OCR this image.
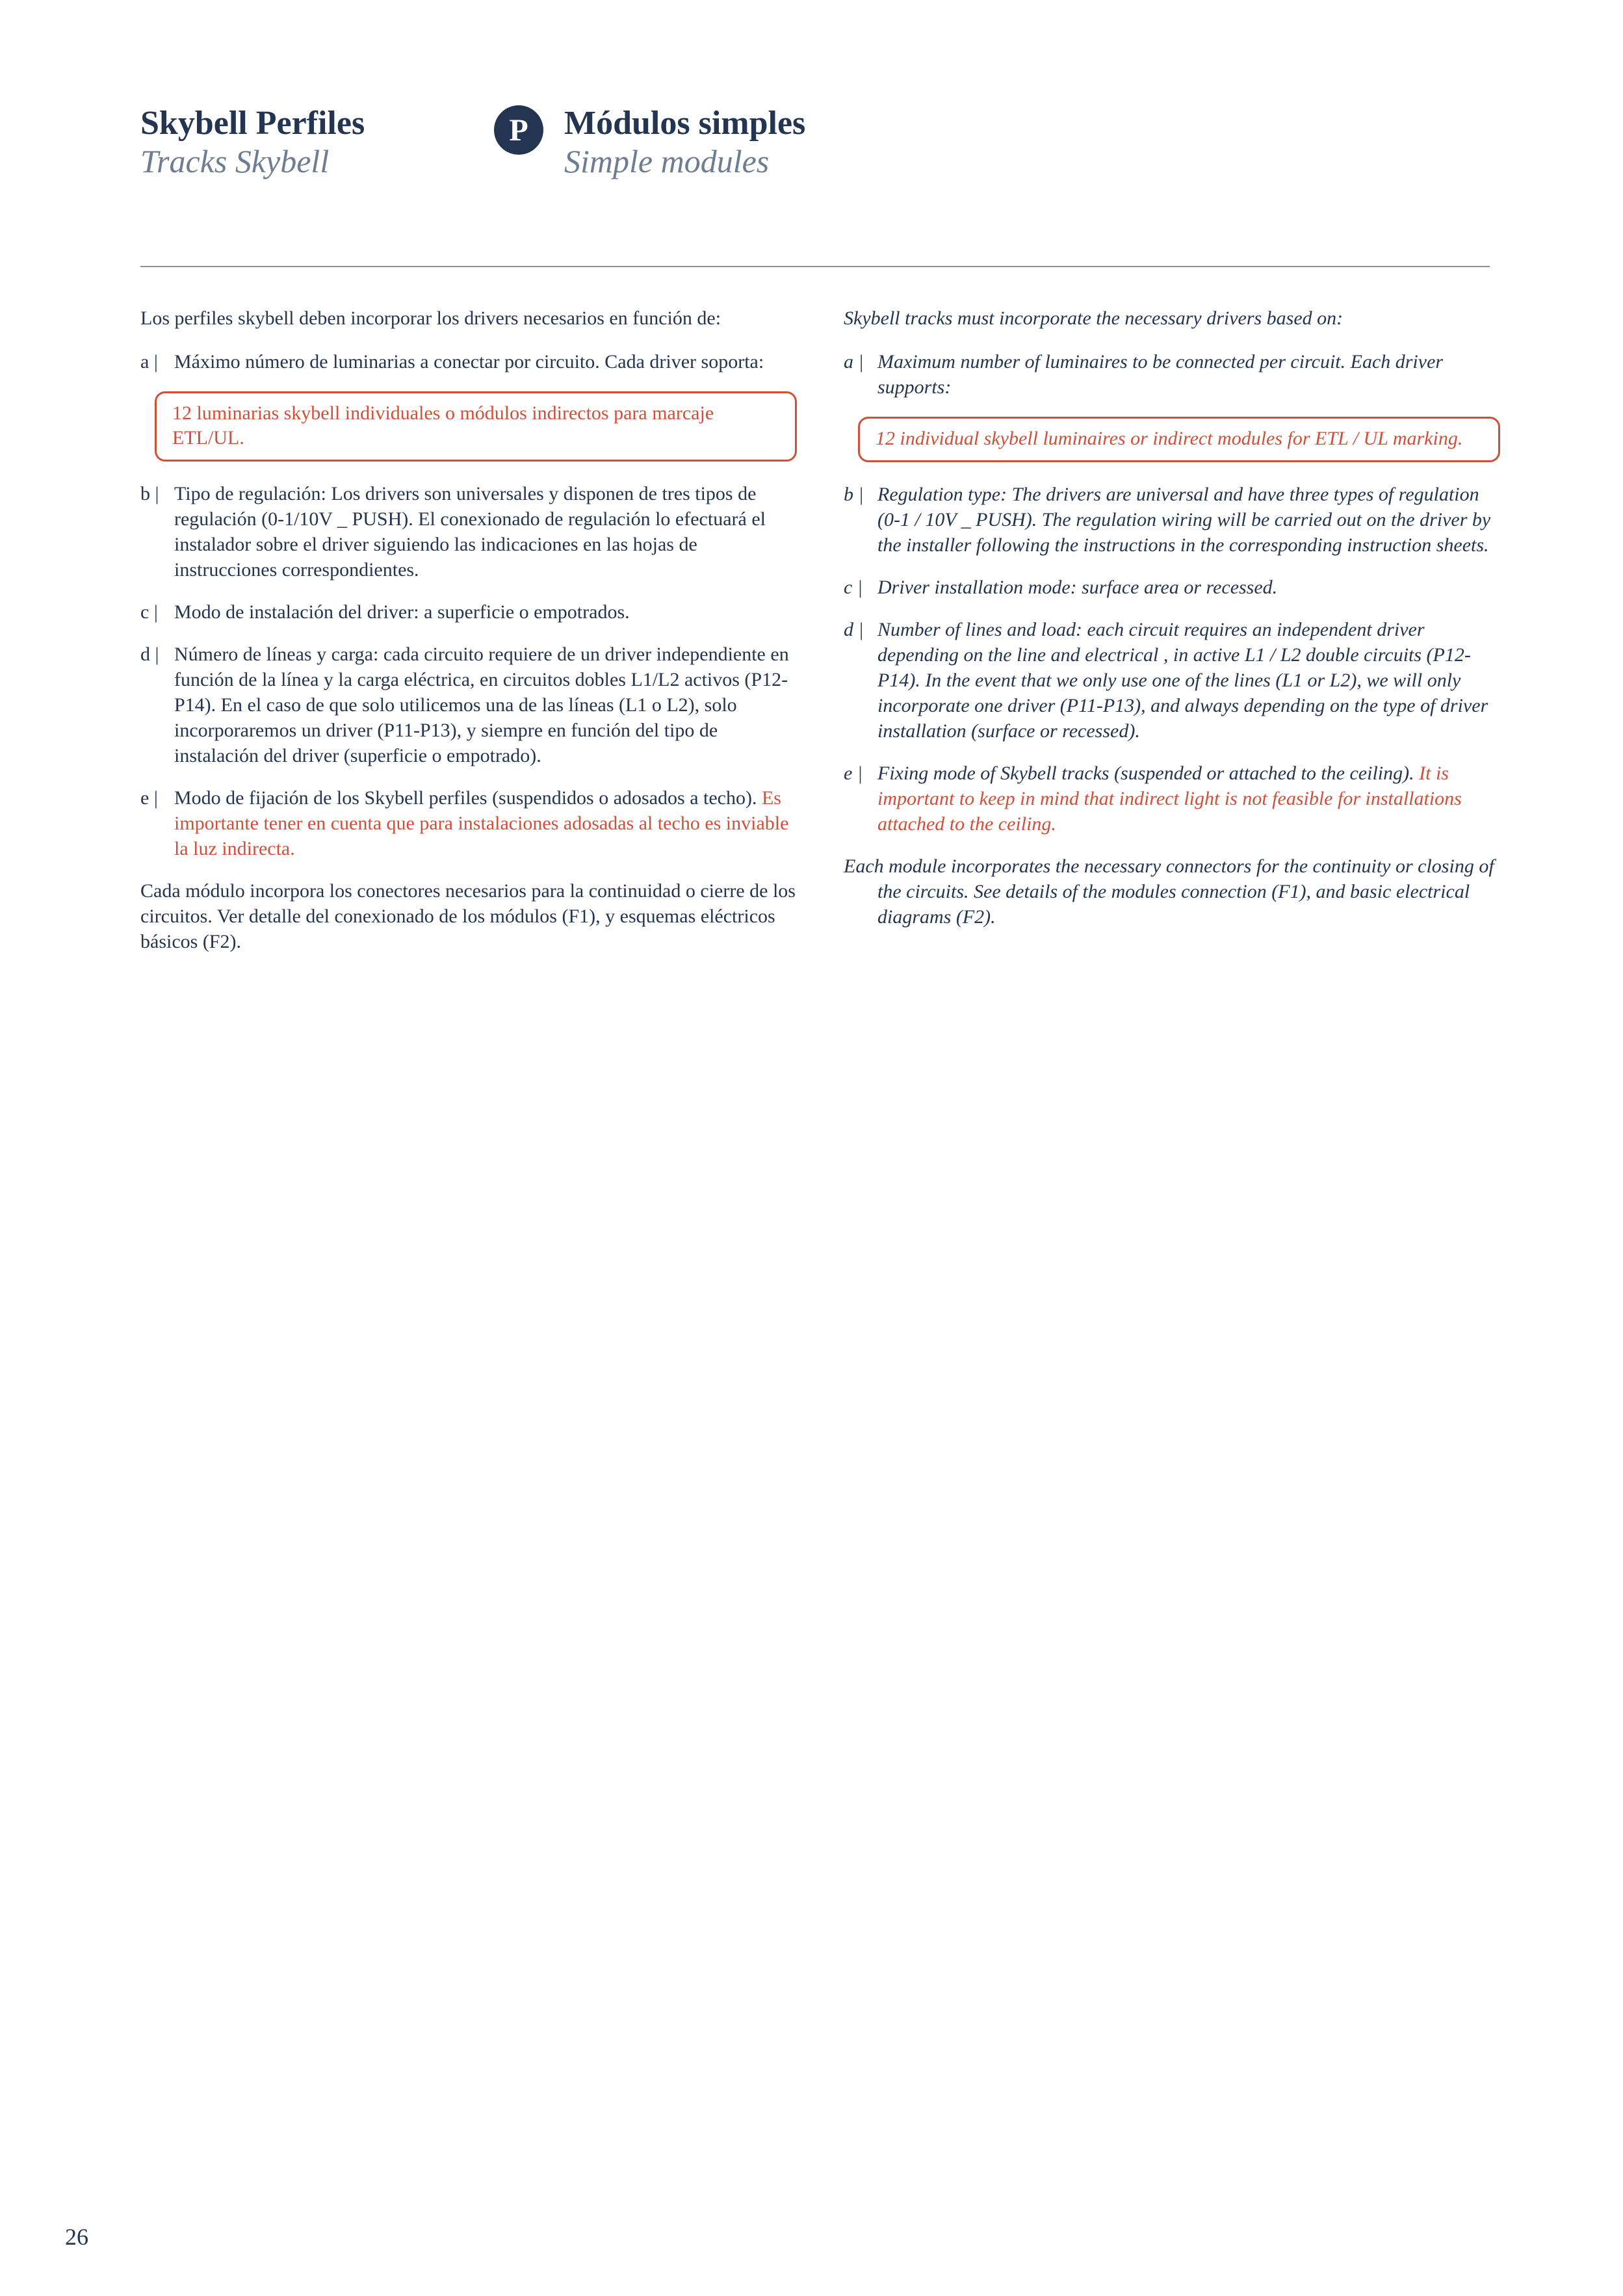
Skybell Perfiles
Tracks Skybell
P Módulos simples
Simple modules

Los perfiles skybell deben incorporar los drivers necesarios en función de:

a | Máximo número de luminarias a conectar por circuito. Cada driver soporta:

12 luminarias skybell individuales o módulos indirectos para marcaje ETL/UL.

b | Tipo de regulación: Los drivers son universales y disponen de tres tipos de regulación (0-1/10V _ PUSH). El conexionado de regulación lo efectuará el instalador sobre el driver siguiendo las indicaciones en las hojas de instrucciones correspondientes.
c | Modo de instalación del driver: a superficie o empotrados.
d | Número de líneas y carga: cada circuito requiere de un driver independiente en función de la línea y la carga eléctrica, en circuitos dobles L1/L2 activos (P12-P14). En el caso de que solo utilicemos una de las líneas (L1 o L2), solo incorporaremos un driver (P11-P13), y siempre en función del tipo de instalación del driver (superficie o empotrado).
e | Modo de fijación de los Skybell perfiles (suspendidos o adosados a techo). Es importante tener en cuenta que para instalaciones adosadas al techo es inviable la luz indirecta.

Cada módulo incorpora los conectores necesarios para la continuidad o cierre de los circuitos. Ver detalle del conexionado de los módulos (F1), y esquemas eléctricos básicos (F2).

Skybell tracks must incorporate the necessary drivers based on:

a | Maximum number of luminaires to be connected per circuit. Each driver supports:

12 individual skybell luminaires or indirect modules for ETL / UL marking.

b | Regulation type: The drivers are universal and have three types of regulation (0-1 / 10V _ PUSH). The regulation wiring will be carried out on the driver by the installer following the instructions in the corresponding instruction sheets.
c | Driver installation mode: surface area or recessed.
d | Number of lines and load: each circuit requires an independent driver depending on the line and electrical , in active L1 / L2 double circuits (P12-P14). In the event that we only use one of the lines (L1 or L2), we will only incorporate one driver (P11-P13), and always depending on the type of driver installation (surface or recessed).
e | Fixing mode of Skybell tracks (suspended or attached to the ceiling). It is important to keep in mind that indirect light is not feasible for installations attached to the ceiling.

Each module incorporates the necessary connectors for the continuity or closing of the circuits. See details of the modules connection (F1), and basic electrical diagrams (F2).

26
